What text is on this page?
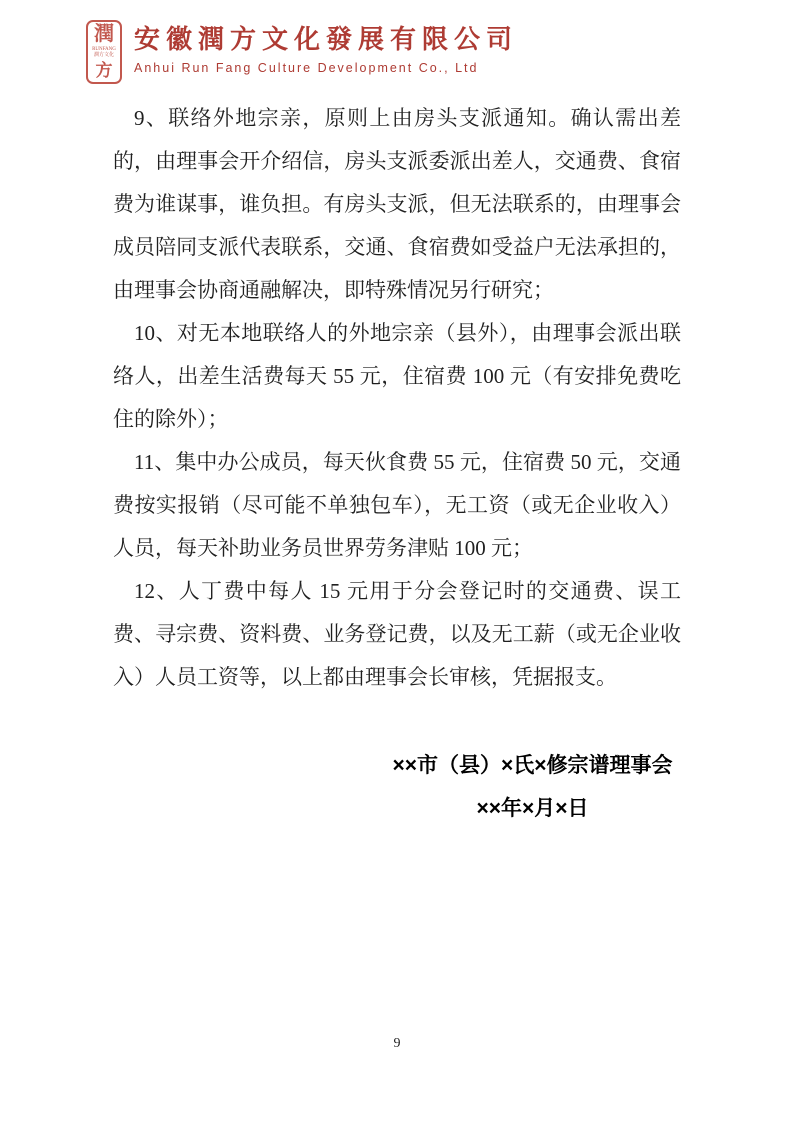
潤
RUNFANG 潤方文化
方
安徽潤方文化發展有限公司
Anhui Run Fang Culture Development Co., Ltd

9、联络外地宗亲，原则上由房头支派通知。确认需出差的，由理事会开介绍信，房头支派委派出差人，交通费、食宿费为谁谋事，谁负担。有房头支派，但无法联系的，由理事会成员陪同支派代表联系，交通、食宿费如受益户无法承担的，由理事会协商通融解决，即特殊情况另行研究；

10、对无本地联络人的外地宗亲（县外），由理事会派出联络人，出差生活费每天 55 元，住宿费 100 元（有安排免费吃住的除外）；

11、集中办公成员，每天伙食费 55 元，住宿费 50 元，交通费按实报销（尽可能不单独包车），无工资（或无企业收入）人员，每天补助业务员世界劳务津贴 100 元；

12、人丁费中每人 15 元用于分会登记时的交通费、误工费、寻宗费、资料费、业务登记费，以及无工薪（或无企业收入）人员工资等，以上都由理事会长审核，凭据报支。

××市（县）×氏×修宗谱理事会
××年×月×日
9
